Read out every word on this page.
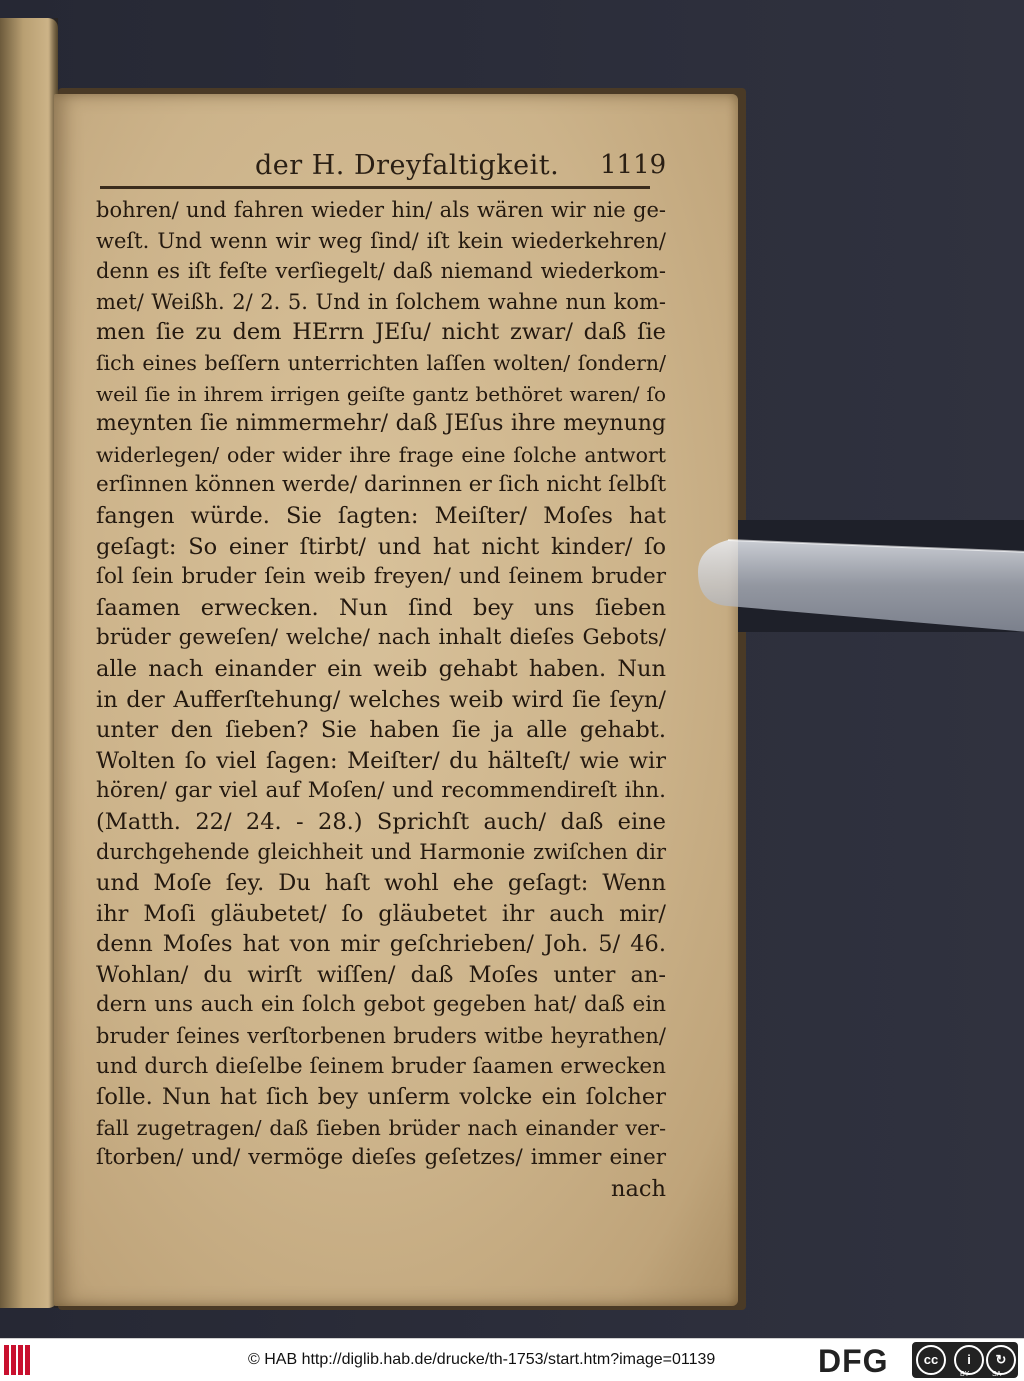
der H. Dreyfaltigkeit. 1119
bohren/ und fahren wieder hin/ als wären wir nie ge-
weſt. Und wenn wir weg ſind/ iſt kein wiederkehren/
denn es iſt feſte verſiegelt/ daß niemand wiederkom-
met/ Weißh. 2/ 2. 5. Und in ſolchem wahne nun kom-
men ſie zu dem HErrn JEſu/ nicht zwar/ daß ſie
ſich eines beſſern unterrichten laſſen wolten/ ſondern/
weil ſie in ihrem irrigen geiſte gantz bethöret waren/ ſo
meynten ſie nimmermehr/ daß JEſus ihre meynung
widerlegen/ oder wider ihre frage eine ſolche antwort
erſinnen können werde/ darinnen er ſich nicht ſelbſt
fangen würde. Sie ſagten: Meiſter/ Moſes hat
geſagt: So einer ſtirbt/ und hat nicht kinder/ ſo
ſol ſein bruder ſein weib freyen/ und ſeinem bruder
ſaamen erwecken. Nun ſind bey uns ſieben
brüder geweſen/ welche/ nach inhalt dieſes Gebots/
alle nach einander ein weib gehabt haben. Nun
in der Aufferſtehung/ welches weib wird ſie ſeyn/
unter den ſieben? Sie haben ſie ja alle gehabt.
Wolten ſo viel ſagen: Meiſter/ du hälteſt/ wie wir
hören/ gar viel auf Moſen/ und recommendireſt ihn.
(Matth. 22/ 24. - 28.) Sprichſt auch/ daß eine
durchgehende gleichheit und Harmonie zwiſchen dir
und Moſe ſey. Du haſt wohl ehe geſagt: Wenn
ihr Moſi gläubetet/ ſo gläubetet ihr auch mir/
denn Moſes hat von mir geſchrieben/ Joh. 5/ 46.
Wohlan/ du wirſt wiſſen/ daß Moſes unter an-
dern uns auch ein ſolch gebot gegeben hat/ daß ein
bruder ſeines verſtorbenen bruders witbe heyrathen/
und durch dieſelbe ſeinem bruder ſaamen erwecken
ſolle. Nun hat ſich bey unſerm volcke ein ſolcher
fall zugetragen/ daß ſieben brüder nach einander ver-
ſtorben/ und/ vermöge dieſes geſetzes/ immer einer
nach
© HAB http://diglib.hab.de/drucke/th-1753/start.htm?image=01139	DFG	cc	i	↻
BY	SA
